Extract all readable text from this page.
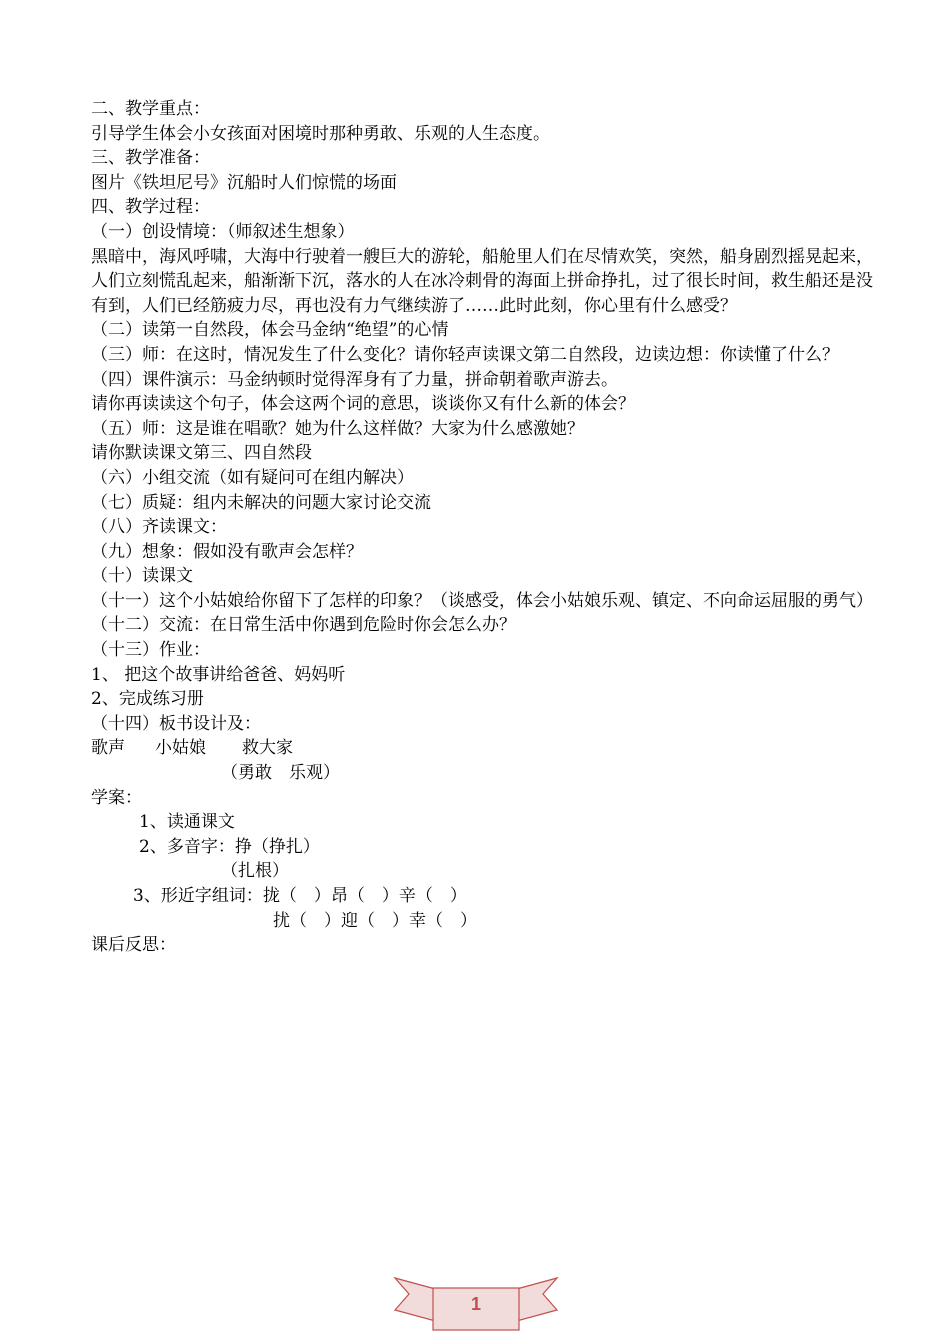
二、教学重点：

引导学生体会小女孩面对困境时那种勇敢、乐观的人生态度。

三、教学准备：

图片《铁坦尼号》沉船时人们惊慌的场面

四、教学过程：

（一）创设情境：（师叙述生想象）

黑暗中，海风呼啸，大海中行驶着一艘巨大的游轮，船舱里人们在尽情欢笑，突然，船身剧烈摇晃起来，人们立刻慌乱起来，船渐渐下沉，落水的人在冰冷刺骨的海面上拼命挣扎，过了很长时间，救生船还是没有到，人们已经筋疲力尽，再也没有力气继续游了……此时此刻，你心里有什么感受？

（二）读第一自然段，体会马金纳“绝望”的心情

（三）师：在这时，情况发生了什么变化？请你轻声读课文第二自然段，边读边想：你读懂了什么？

（四）课件演示：马金纳顿时觉得浑身有了力量，拼命朝着歌声游去。

请你再读读这个句子，体会这两个词的意思，谈谈你又有什么新的体会？

（五）师：这是谁在唱歌？她为什么这样做？大家为什么感激她？

请你默读课文第三、四自然段

（六）小组交流（如有疑问可在组内解决）

（七）质疑：组内未解决的问题大家讨论交流

（八）齐读课文：

（九）想象：假如没有歌声会怎样？

（十）读课文

（十一）这个小姑娘给你留下了怎样的印象？（谈感受，体会小姑娘乐观、镇定、不向命运屈服的勇气）

（十二）交流：在日常生活中你遇到危险时你会怎么办？

（十三）作业：

1、 把这个故事讲给爸爸、妈妈听

2、完成练习册

（十四）板书设计及：

歌声 小姑娘 救大家

（勇敢　乐观）

学案：

1、读通课文

2、多音字：挣（挣扎）

（扎根）

3、形近字组词：拢（　）昂（　）辛（　）

扰（　）迎（　）幸（　）

课后反思：

1
